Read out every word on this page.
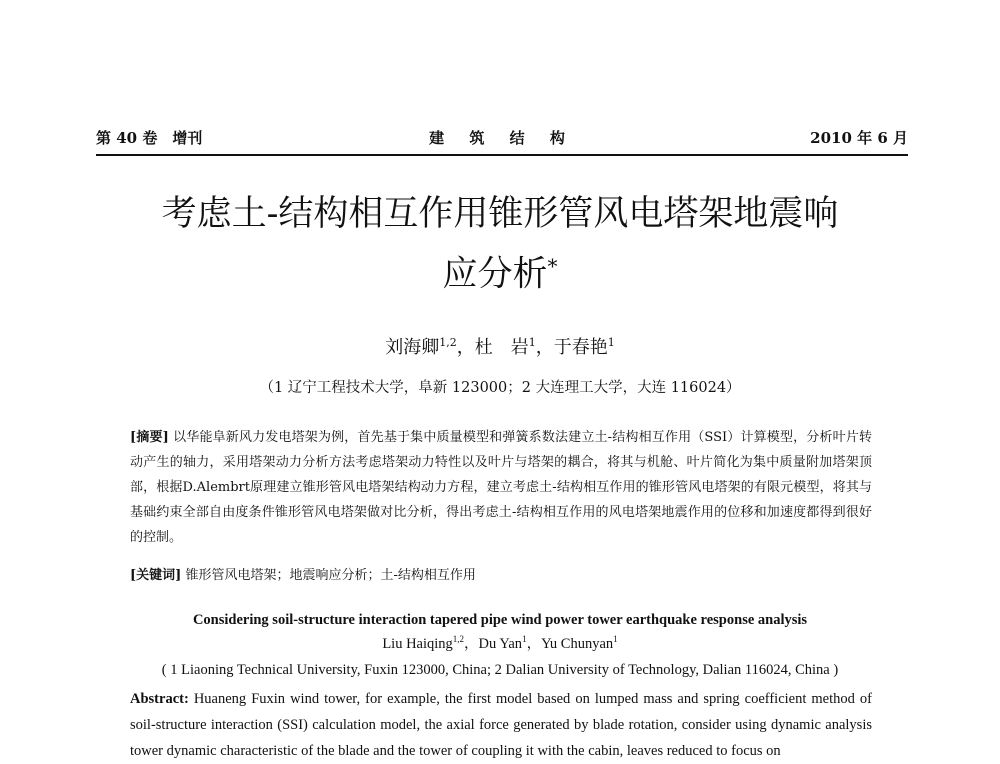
第 40 卷　增刊	建 筑 结 构	2010 年 6 月
考虑土-结构相互作用锥形管风电塔架地震响
应分析*
刘海卿$^{1,2}$，杜　岩$^1$，于春艳$^1$
（1 辽宁工程技术大学，阜新 123000；2 大连理工大学，大连 116024）
[摘要] 以华能阜新风力发电塔架为例，首先基于集中质量模型和弹簧系数法建立土-结构相互作用（SSI）计算模型，分析叶片转动产生的轴力，采用塔架动力分析方法考虑塔架动力特性以及叶片与塔架的耦合，将其与机舱、叶片简化为集中质量附加塔架顶部，根据D.Alembrt原理建立锥形管风电塔架结构动力方程，建立考虑土-结构相互作用的锥形管风电塔架的有限元模型，将其与基础约束全部自由度条件锥形管风电塔架做对比分析，得出考虑土-结构相互作用的风电塔架地震作用的位移和加速度都得到很好的控制。
[关键词] 锥形管风电塔架；地震响应分析；土-结构相互作用
Considering soil-structure interaction tapered pipe wind power tower earthquake response analysis
Liu Haiqing$^{1,2}$，Du Yan$^1$，Yu Chunyan$^1$
( 1 Liaoning Technical University, Fuxin 123000, China; 2 Dalian University of Technology, Dalian 116024, China )
Abstract: Huaneng Fuxin wind tower, for example, the first model based on lumped mass and spring coefficient method of soil-structure interaction (SSI) calculation model, the axial force generated by blade rotation, consider using dynamic analysis tower dynamic characteristic of the blade and the tower of coupling it with the cabin, leaves reduced to focus on
